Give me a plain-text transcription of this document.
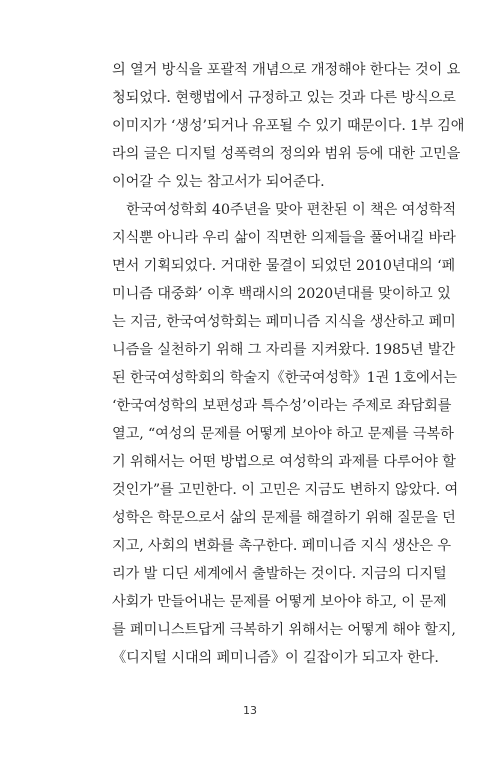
의 열거 방식을 포괄적 개념으로 개정해야 한다는 것이 요
청되었다. 현행법에서 규정하고 있는 것과 다른 방식으로
이미지가 ‘생성’되거나 유포될 수 있기 때문이다. 1부 김애
라의 글은 디지털 성폭력의 정의와 범위 등에 대한 고민을
이어갈 수 있는 참고서가 되어준다.
한국여성학회 40주년을 맞아 편찬된 이 책은 여성학적
지식뿐 아니라 우리 삶이 직면한 의제들을 풀어내길 바라
면서 기획되었다. 거대한 물결이 되었던 2010년대의 ‘페
미니즘 대중화’ 이후 백래시의 2020년대를 맞이하고 있
는 지금, 한국여성학회는 페미니즘 지식을 생산하고 페미
니즘을 실천하기 위해 그 자리를 지켜왔다. 1985년 발간
된 한국여성학회의 학술지《한국여성학》1권 1호에서는
‘한국여성학의 보편성과 특수성’이라는 주제로 좌담회를
열고, “여성의 문제를 어떻게 보아야 하고 문제를 극복하
기 위해서는 어떤 방법으로 여성학의 과제를 다루어야 할
것인가”를 고민한다. 이 고민은 지금도 변하지 않았다. 여
성학은 학문으로서 삶의 문제를 해결하기 위해 질문을 던
지고, 사회의 변화를 촉구한다. 페미니즘 지식 생산은 우
리가 발 디딘 세계에서 출발하는 것이다. 지금의 디지털
사회가 만들어내는 문제를 어떻게 보아야 하고, 이 문제
를 페미니스트답게 극복하기 위해서는 어떻게 해야 할지,
《디지털 시대의 페미니즘》이 길잡이가 되고자 한다.
13
